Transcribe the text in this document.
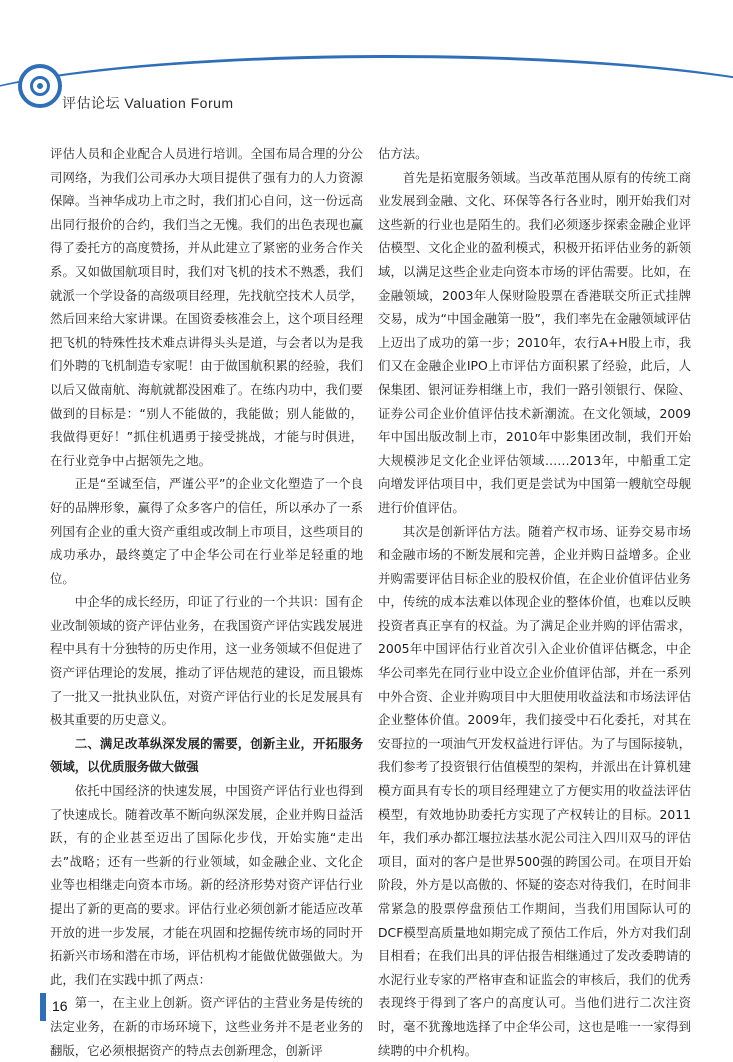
评估论坛 Valuation Forum

评估人员和企业配合人员进行培训。全国布局合理的分公司网络，为我们公司承办大项目提供了强有力的人力资源保障。当神华成功上市之时，我们扪心自问，这一份远高出同行报价的合约，我们当之无愧。我们的出色表现也赢得了委托方的高度赞扬，并从此建立了紧密的业务合作关系。又如做国航项目时，我们对飞机的技术不熟悉，我们就派一个学设备的高级项目经理，先找航空技术人员学，然后回来给大家讲课。在国资委核准会上，这个项目经理把飞机的特殊性技术难点讲得头头是道，与会者以为是我们外聘的飞机制造专家呢！由于做国航积累的经验，我们以后又做南航、海航就都没困难了。在练内功中，我们要做到的目标是：“别人不能做的，我能做；别人能做的，我做得更好！”抓住机遇勇于接受挑战，才能与时俱进，在行业竞争中占据领先之地。

正是“至诚至信，严谨公平”的企业文化塑造了一个良好的品牌形象，赢得了众多客户的信任，所以承办了一系列国有企业的重大资产重组或改制上市项目，这些项目的成功承办，最终奠定了中企华公司在行业举足轻重的地位。

中企华的成长经历，印证了行业的一个共识：国有企业改制领域的资产评估业务，在我国资产评估实践发展进程中具有十分独特的历史作用，这一业务领域不但促进了资产评估理论的发展，推动了评估规范的建设，而且锻炼了一批又一批执业队伍，对资产评估行业的长足发展具有极其重要的历史意义。

二、满足改革纵深发展的需要，创新主业，开拓服务领域，以优质服务做大做强

依托中国经济的快速发展，中国资产评估行业也得到了快速成长。随着改革不断向纵深发展，企业并购日益活跃，有的企业甚至迈出了国际化步伐，开始实施“走出去”战略；还有一些新的行业领域，如金融企业、文化企业等也相继走向资本市场。新的经济形势对资产评估行业提出了新的更高的要求。评估行业必须创新才能适应改革开放的进一步发展，才能在巩固和挖掘传统市场的同时开拓新兴市场和潜在市场，评估机构才能做优做强做大。为此，我们在实践中抓了两点：

第一，在主业上创新。资产评估的主营业务是传统的法定业务，在新的市场环境下，这些业务并不是老业务的翻版，它必须根据资产的特点去创新理念，创新评

估方法。

首先是拓宽服务领域。当改革范围从原有的传统工商业发展到金融、文化、环保等各行各业时，刚开始我们对这些新的行业也是陌生的。我们必须逐步探索金融企业评估模型、文化企业的盈利模式，积极开拓评估业务的新领域，以满足这些企业走向资本市场的评估需要。比如，在金融领域，2003年人保财险股票在香港联交所正式挂牌交易，成为“中国金融第一股”，我们率先在金融领域评估上迈出了成功的第一步；2010年，农行A+H股上市，我们又在金融企业IPO上市评估方面积累了经验，此后，人保集团、银河证券相继上市，我们一路引领银行、保险、证券公司企业价值评估技术新潮流。在文化领域，2009年中国出版改制上市，2010年中影集团改制，我们开始大规模涉足文化企业评估领域……2013年，中船重工定向增发评估项目中，我们更是尝试为中国第一艘航空母舰进行价值评估。

其次是创新评估方法。随着产权市场、证券交易市场和金融市场的不断发展和完善，企业并购日益增多。企业并购需要评估目标企业的股权价值，在企业价值评估业务中，传统的成本法难以体现企业的整体价值，也难以反映投资者真正享有的权益。为了满足企业并购的评估需求，2005年中国评估行业首次引入企业价值评估概念，中企华公司率先在同行业中设立企业价值评估部，并在一系列中外合资、企业并购项目中大胆使用收益法和市场法评估企业整体价值。2009年，我们接受中石化委托，对其在安哥拉的一项油气开发权益进行评估。为了与国际接轨，我们参考了投资银行估值模型的架构，并派出在计算机建模方面具有专长的项目经理建立了方便实用的收益法评估模型，有效地协助委托方实现了产权转让的目标。2011年，我们承办都江堰拉法基水泥公司注入四川双马的评估项目，面对的客户是世界500强的跨国公司。在项目开始阶段，外方是以高傲的、怀疑的姿态对待我们，在时间非常紧急的股票停盘预估工作期间，当我们用国际认可的DCF模型高质量地如期完成了预估工作后，外方对我们刮目相看；在我们出具的评估报告相继通过了发改委聘请的水泥行业专家的严格审查和证监会的审核后，我们的优秀表现终于得到了客户的高度认可。当他们进行二次注资时，毫不犹豫地选择了中企华公司，这也是唯一一家得到续聘的中介机构。

16
